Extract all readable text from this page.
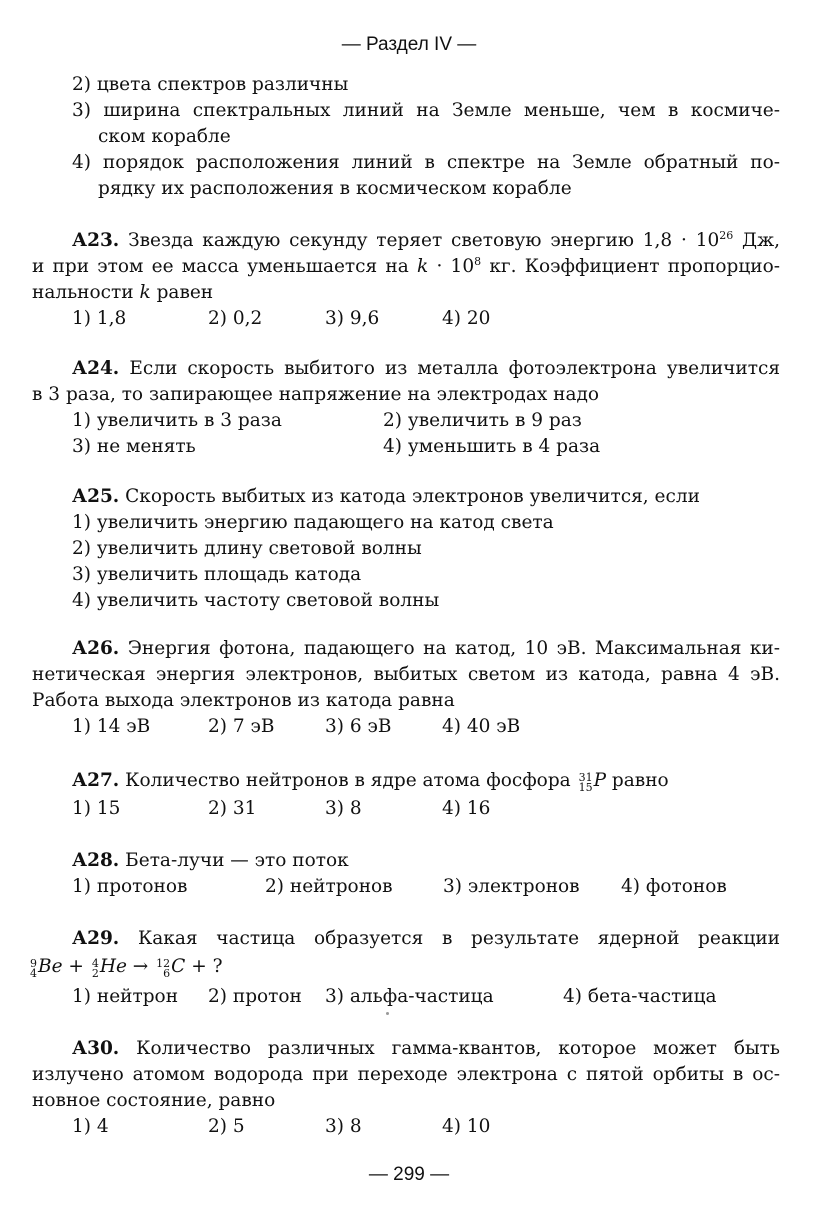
— Раздел IV —
2) цвета спектров различны
3) ширина спектральных линий на Земле меньше, чем в космиче-
ском корабле
4) порядок расположения линий в спектре на Земле обратный по-
рядку их расположения в космическом корабле
А23. Звезда каждую секунду теряет световую энергию $1,8 \cdot 10^{26}$ Дж,
и при этом ее масса уменьшается на $k \cdot 10^8$ кг. Коэффициент пропорцио-
нальности k равен
1) 1,8	2) 0,2	3) 9,6	4) 20
А24. Если скорость выбитого из металла фотоэлектрона увеличится
в 3 раза, то запирающее напряжение на электродах надо
1) увеличить в 3 раза	2) увеличить в 9 раз
3) не менять	4) уменьшить в 4 раза
А25. Скорость выбитых из катода электронов увеличится, если
1) увеличить энергию падающего на катод света
2) увеличить длину световой волны
3) увеличить площадь катода
4) увеличить частоту световой волны
А26. Энергия фотона, падающего на катод, 10 эВ. Максимальная ки-
нетическая энергия электронов, выбитых светом из катода, равна 4 эВ.
Работа выхода электронов из катода равна
1) 14 эВ	2) 7 эВ	3) 6 эВ	4) 40 эВ
А27. Количество нейтронов в ядре атома фосфора 31
15 P равно
1) 15	2) 31	3) 8	4) 16
А28. Бета-лучи — это поток
1) протонов	2) нейтронов	3) электронов 4) фотонов
А29. Какая частица образуется в результате ядерной реакции
9
4 Be + 4
2 He → 12
6 C + ?
1) нейтрон 2) протон 3) альфа-частица	4) бета-частица
А30. Количество различных гамма-квантов, которое может быть
излучено атомом водорода при переходе электрона с пятой орбиты в ос-
новное состояние, равно
1) 4	2) 5	3) 8	4) 10
— 299 —
